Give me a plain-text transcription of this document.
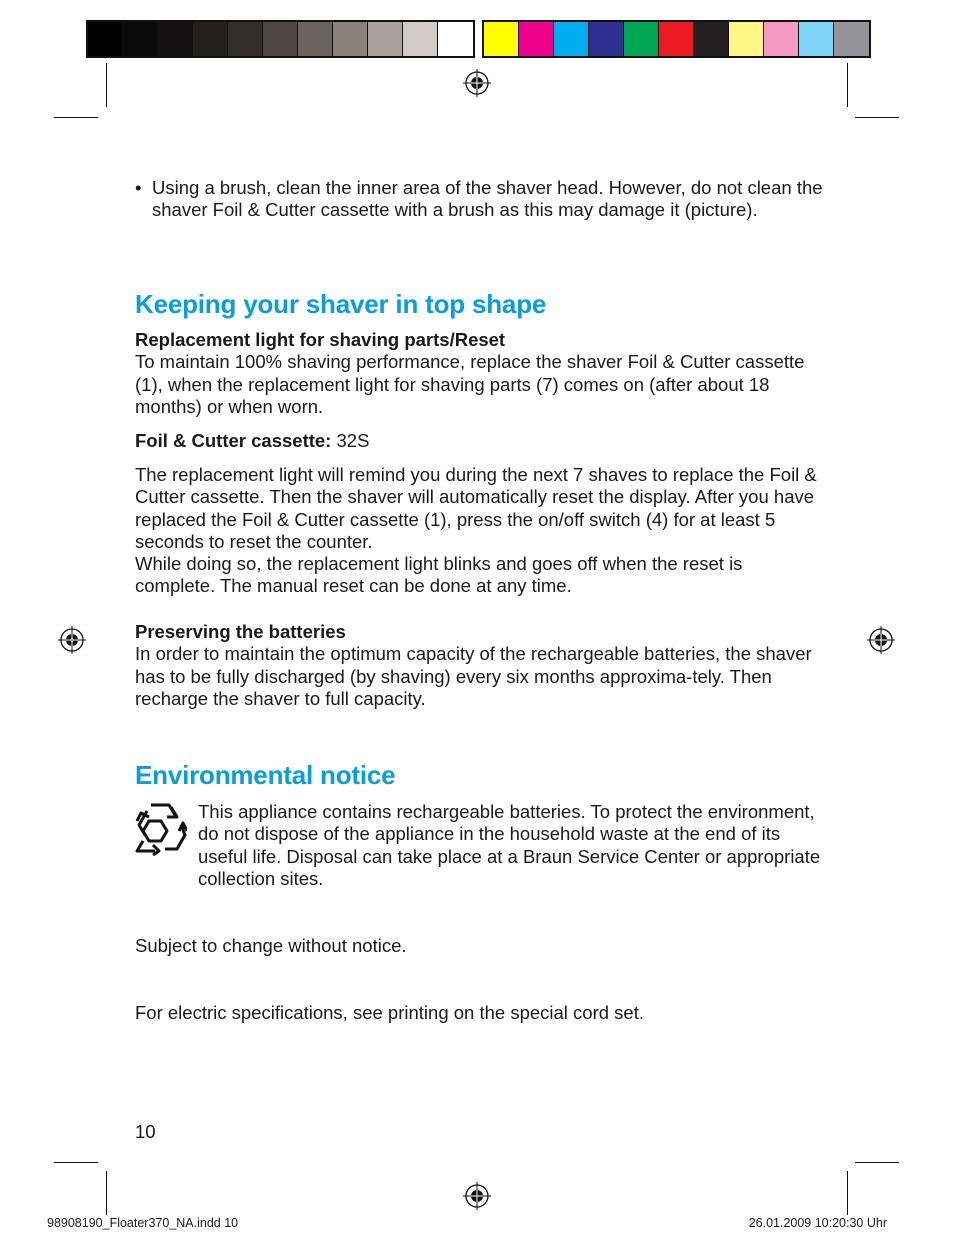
• Using a brush, clean the inner area of the shaver head. However, do not clean the shaver Foil & Cutter cassette with a brush as this may damage it (picture).
Keeping your shaver in top shape
Replacement light for shaving parts/Reset
To maintain 100% shaving performance, replace the shaver Foil & Cutter cassette (1), when the replacement light for shaving parts (7) comes on (after about 18 months) or when worn.
Foil & Cutter cassette: 32S
The replacement light will remind you during the next 7 shaves to replace the Foil & Cutter cassette. Then the shaver will automatically reset the display. After you have replaced the Foil & Cutter cassette (1), press the on/off switch (4) for at least 5 seconds to reset the counter.
While doing so, the replacement light blinks and goes off when the reset is complete. The manual reset can be done at any time.
Preserving the batteries
In order to maintain the optimum capacity of the rechargeable batteries, the shaver has to be fully discharged (by shaving) every six months approxima-tely. Then recharge the shaver to full capacity.
Environmental notice
This appliance contains rechargeable batteries. To protect the environment, do not dispose of the appliance in the household waste at the end of its useful life. Disposal can take place at a Braun Service Center or appropriate collection sites.
Subject to change without notice.
For electric specifications, see printing on the special cord set.
10
98908190_Floater370_NA.indd 10	26.01.2009 10:20:30 Uhr
